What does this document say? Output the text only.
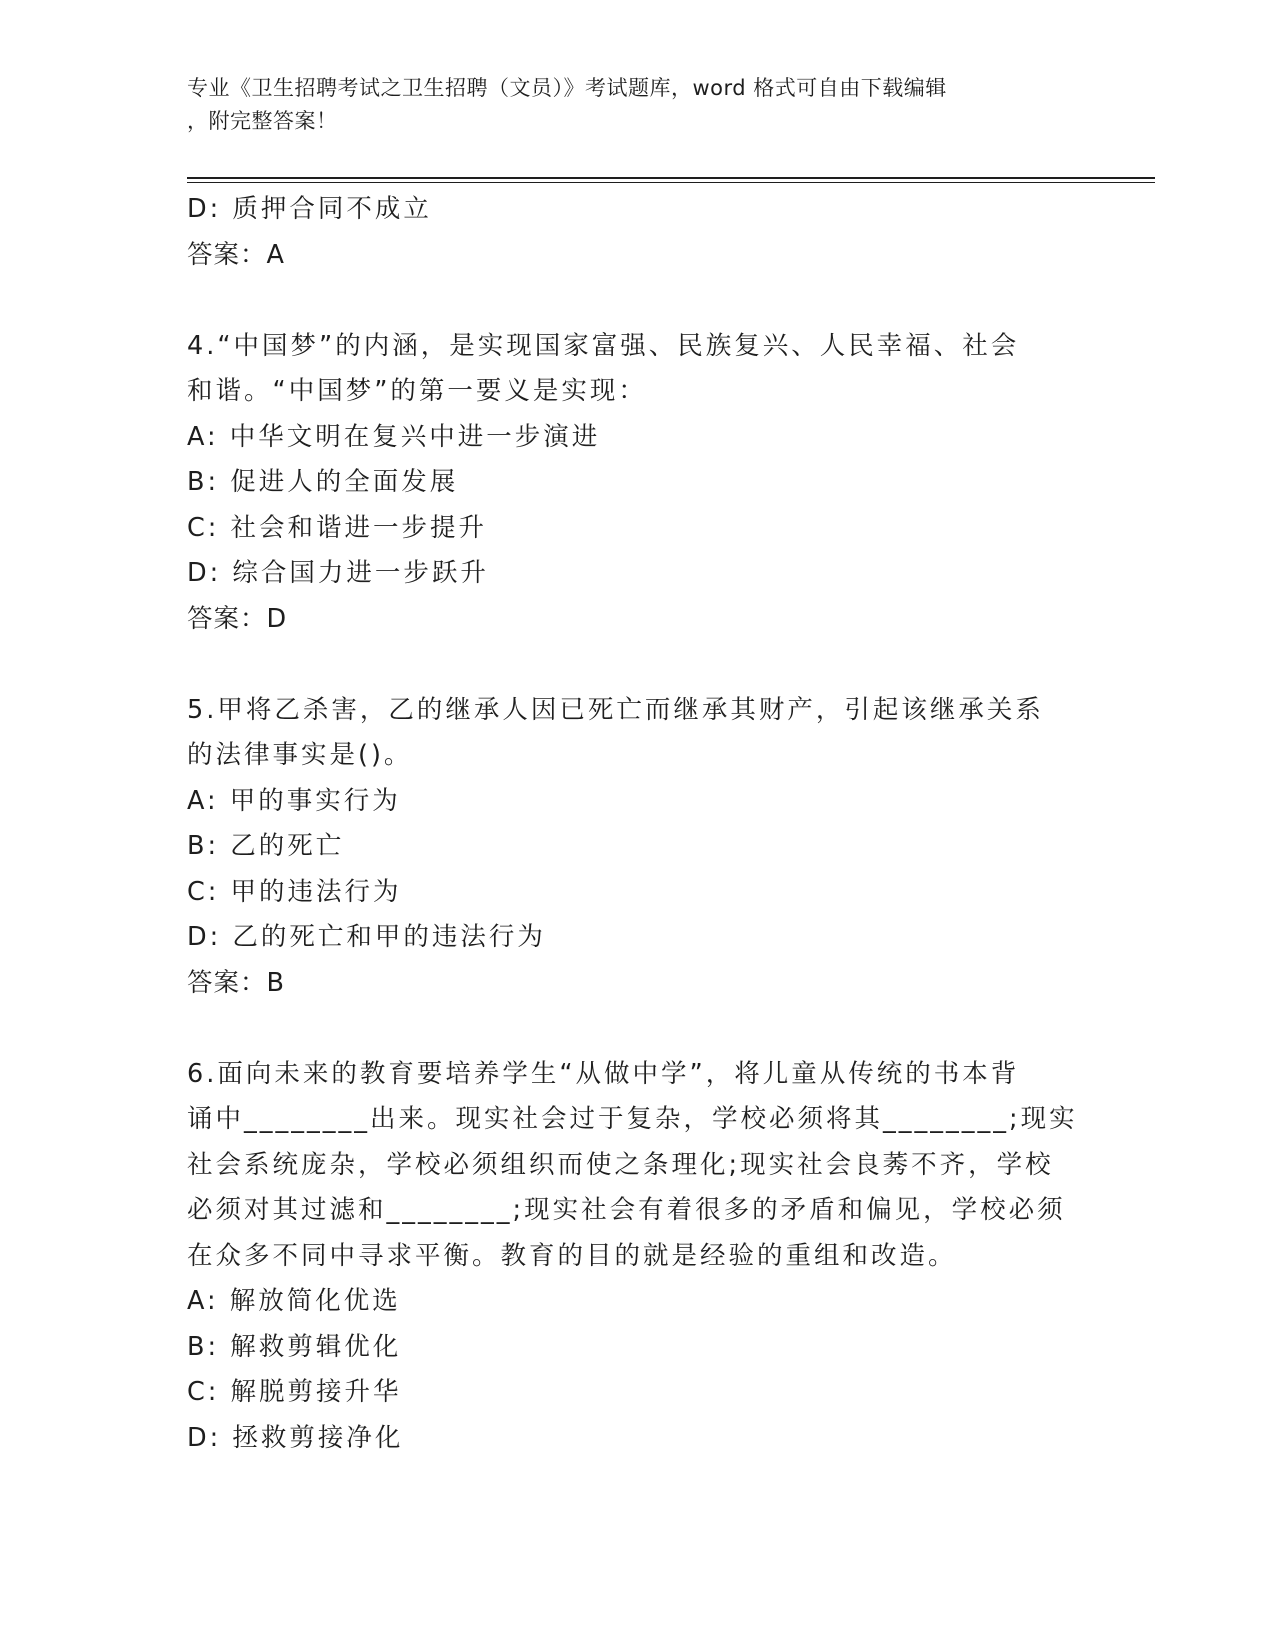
专业《卫生招聘考试之卫生招聘（文员）》考试题库，word 格式可自由下载编辑
，附完整答案！
D: 质押合同不成立
答案：A
4.“中国梦”的内涵，是实现国家富强、民族复兴、人民幸福、社会
和谐。“中国梦”的第一要义是实现：
A: 中华文明在复兴中进一步演进
B: 促进人的全面发展
C: 社会和谐进一步提升
D: 综合国力进一步跃升
答案：D
5.甲将乙杀害，乙的继承人因已死亡而继承其财产，引起该继承关系
的法律事实是()。
A: 甲的事实行为
B: 乙的死亡
C: 甲的违法行为
D: 乙的死亡和甲的违法行为
答案：B
6.面向未来的教育要培养学生“从做中学”，将儿童从传统的书本背
诵中________出来。现实社会过于复杂，学校必须将其________;现实
社会系统庞杂，学校必须组织而使之条理化;现实社会良莠不齐，学校
必须对其过滤和________;现实社会有着很多的矛盾和偏见，学校必须
在众多不同中寻求平衡。教育的目的就是经验的重组和改造。
A: 解放简化优选
B: 解救剪辑优化
C: 解脱剪接升华
D: 拯救剪接净化
